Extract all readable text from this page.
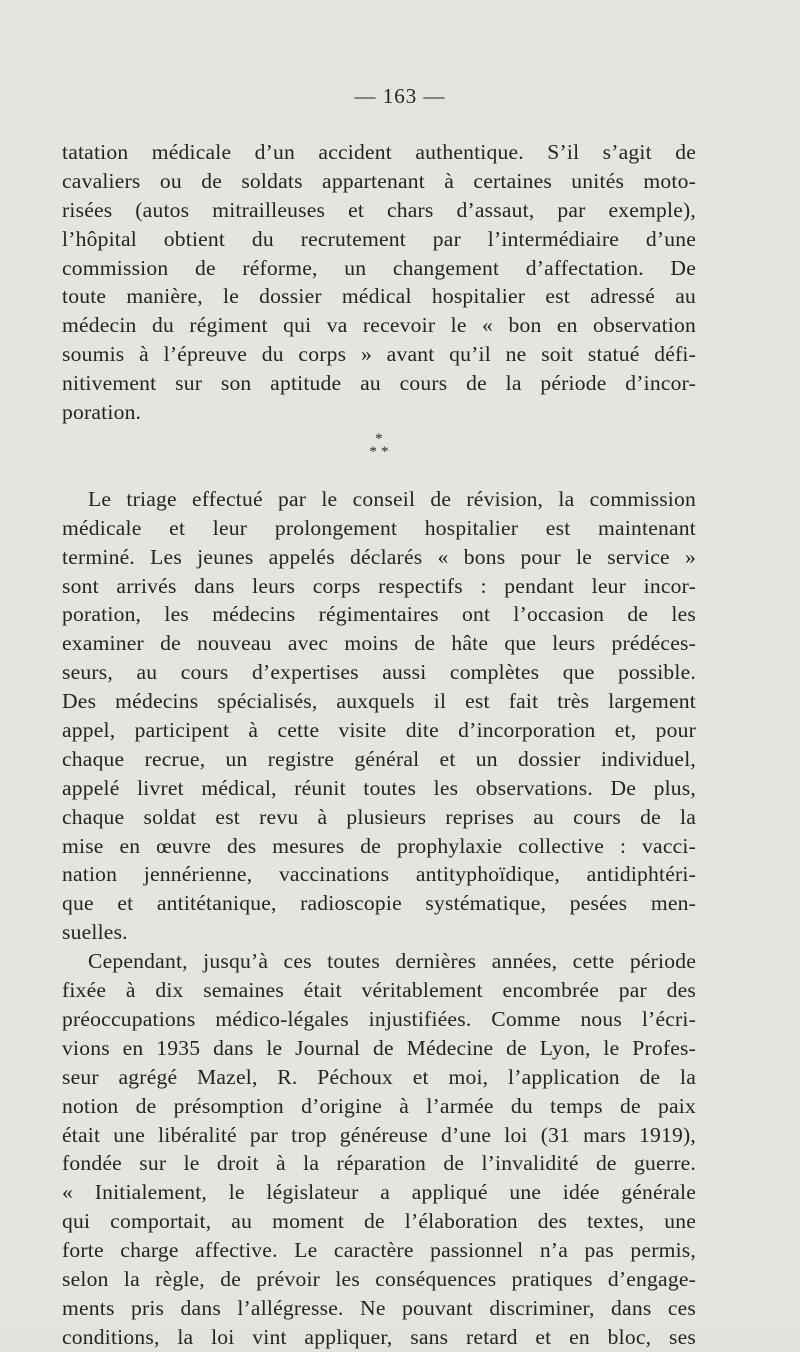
— 163 —
tatation médicale d’un accident authentique. S’il s’agit de
cavaliers ou de soldats appartenant à certaines unités moto-
risées (autos mitrailleuses et chars d’assaut, par exemple),
l’hôpital obtient du recrutement par l’intermédiaire d’une
commission de réforme, un changement d’affectation. De
toute manière, le dossier médical hospitalier est adressé au
médecin du régiment qui va recevoir le « bon en observation
soumis à l’épreuve du corps » avant qu’il ne soit statué défi-
nitivement sur son aptitude au cours de la période d’incor-
poration.
*
* *
Le triage effectué par le conseil de révision, la commission
médicale et leur prolongement hospitalier est maintenant
terminé. Les jeunes appelés déclarés « bons pour le service »
sont arrivés dans leurs corps respectifs : pendant leur incor-
poration, les médecins régimentaires ont l’occasion de les
examiner de nouveau avec moins de hâte que leurs prédéces-
seurs, au cours d’expertises aussi complètes que possible.
Des médecins spécialisés, auxquels il est fait très largement
appel, participent à cette visite dite d’incorporation et, pour
chaque recrue, un registre général et un dossier individuel,
appelé livret médical, réunit toutes les observations. De plus,
chaque soldat est revu à plusieurs reprises au cours de la
mise en œuvre des mesures de prophylaxie collective : vacci-
nation jennérienne, vaccinations antityphoïdique, antidiphtéri-
que et antitétanique, radioscopie systématique, pesées men-
suelles.
Cependant, jusqu’à ces toutes dernières années, cette période
fixée à dix semaines était véritablement encombrée par des
préoccupations médico-légales injustifiées. Comme nous l’écri-
vions en 1935 dans le Journal de Médecine de Lyon, le Profes-
seur agrégé Mazel, R. Péchoux et moi, l’application de la
notion de présomption d’origine à l’armée du temps de paix
était une libéralité par trop généreuse d’une loi (31 mars 1919),
fondée sur le droit à la réparation de l’invalidité de guerre.
« Initialement, le législateur a appliqué une idée générale
qui comportait, au moment de l’élaboration des textes, une
forte charge affective. Le caractère passionnel n’a pas permis,
selon la règle, de prévoir les conséquences pratiques d’engage-
ments pris dans l’allégresse. Ne pouvant discriminer, dans ces
conditions, la loi vint appliquer, sans retard et en bloc, ses
